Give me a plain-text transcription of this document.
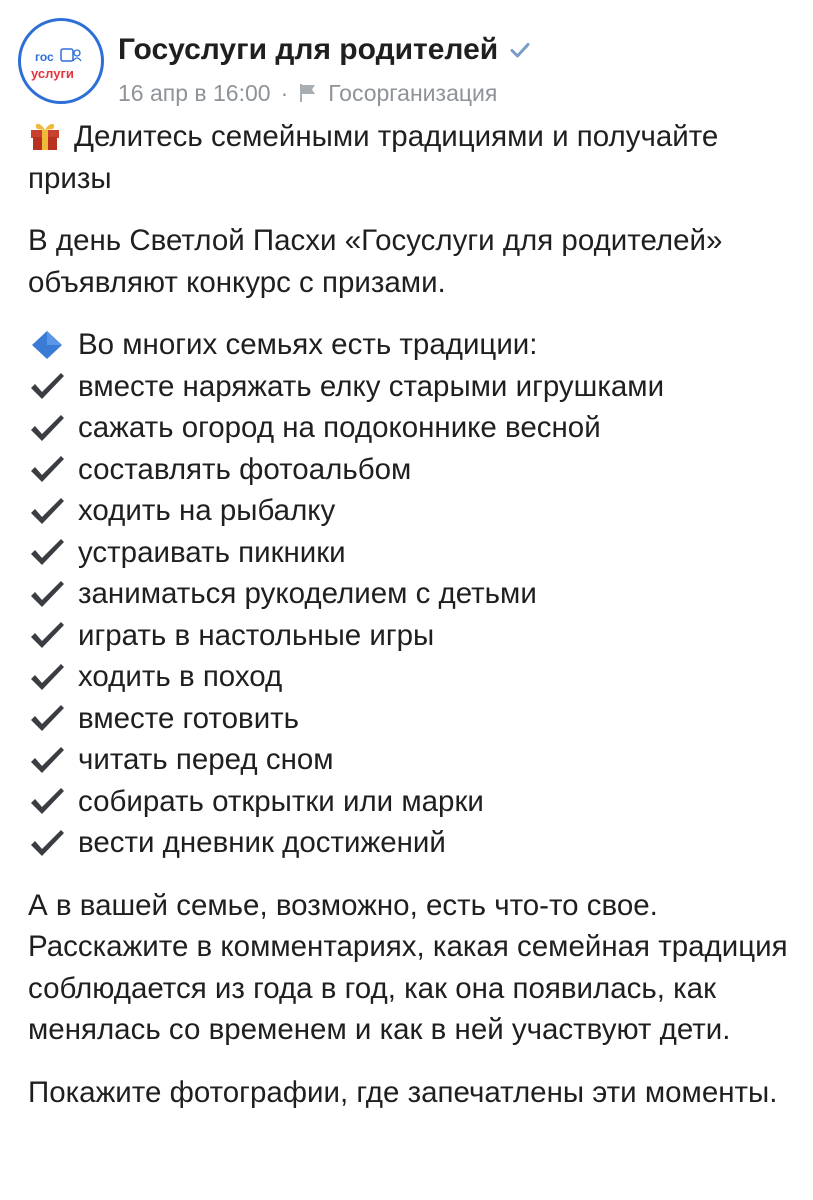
гос
услуги
Госуслуги для родителей
16 апр в 16:00 · Госорганизация

Делитесь семейными традициями и получайте призы

В день Светлой Пасхи «Госуслуги для родителей» объявляют конкурс с призами.

Во многих семьях есть традиции:
вместе наряжать елку старыми игрушками
сажать огород на подоконнике весной
составлять фотоальбом
ходить на рыбалку
устраивать пикники
заниматься рукоделием с детьми
играть в настольные игры
ходить в поход
вместе готовить
читать перед сном
собирать открытки или марки
вести дневник достижений

А в вашей семье, возможно, есть что-то свое. Расскажите в комментариях, какая семейная традиция соблюдается из года в год, как она появилась, как менялась со временем и как в ней участвуют дети.

Покажите фотографии, где запечатлены эти моменты.
